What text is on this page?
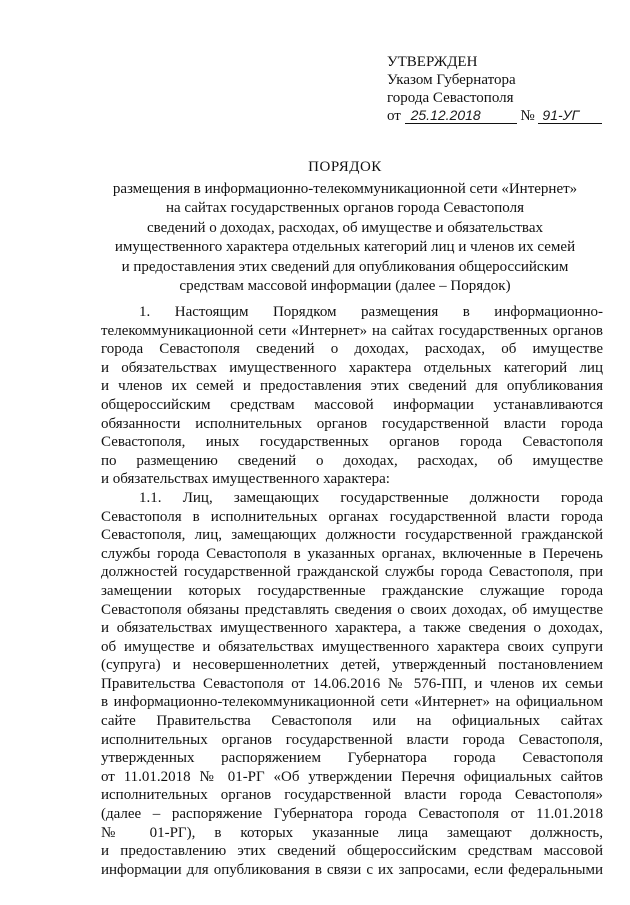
УТВЕРЖДЕН
Указом Губернатора
города Севастополя
от 25.12.2018	№ 91-УГ
ПОРЯДОК
размещения в информационно-телекоммуникационной сети «Интернет»
на сайтах государственных органов города Севастополя
сведений о доходах, расходах, об имуществе и обязательствах
имущественного характера отдельных категорий лиц и членов их семей
и предоставления этих сведений для опубликования общероссийским
средствам массовой информации (далее – Порядок)
1. Настоящим Порядком размещения в информационно-
телекоммуникационной сети «Интернет» на сайтах государственных органов
города Севастополя сведений о доходах, расходах, об имуществе
и обязательствах имущественного характера отдельных категорий лиц
и членов их семей и предоставления этих сведений для опубликования
общероссийским средствам массовой информации устанавливаются
обязанности исполнительных органов государственной власти города
Севастополя, иных государственных органов города Севастополя
по размещению сведений о доходах, расходах, об имуществе
и обязательствах имущественного характера:
1.1. Лиц, замещающих государственные должности города
Севастополя в исполнительных органах государственной власти города
Севастополя, лиц, замещающих должности государственной гражданской
службы города Севастополя в указанных органах, включенные в Перечень
должностей государственной гражданской службы города Севастополя, при
замещении которых государственные гражданские служащие города
Севастополя обязаны представлять сведения о своих доходах, об имуществе
и обязательствах имущественного характера, а также сведения о доходах,
об имуществе и обязательствах имущественного характера своих супруги
(супруга) и несовершеннолетних детей, утвержденный постановлением
Правительства Севастополя от 14.06.2016 № 576-ПП, и членов их семьи
в информационно-телекоммуникационной сети «Интернет» на официальном
сайте Правительства Севастополя или на официальных сайтах
исполнительных органов государственной власти города Севастополя,
утвержденных распоряжением Губернатора города Севастополя
от 11.01.2018 № 01-РГ «Об утверждении Перечня официальных сайтов
исполнительных органов государственной власти города Севастополя»
(далее – распоряжение Губернатора города Севастополя от 11.01.2018
№ 01-РГ), в которых указанные лица замещают должность,
и предоставлению этих сведений общероссийским средствам массовой
информации для опубликования в связи с их запросами, если федеральными
